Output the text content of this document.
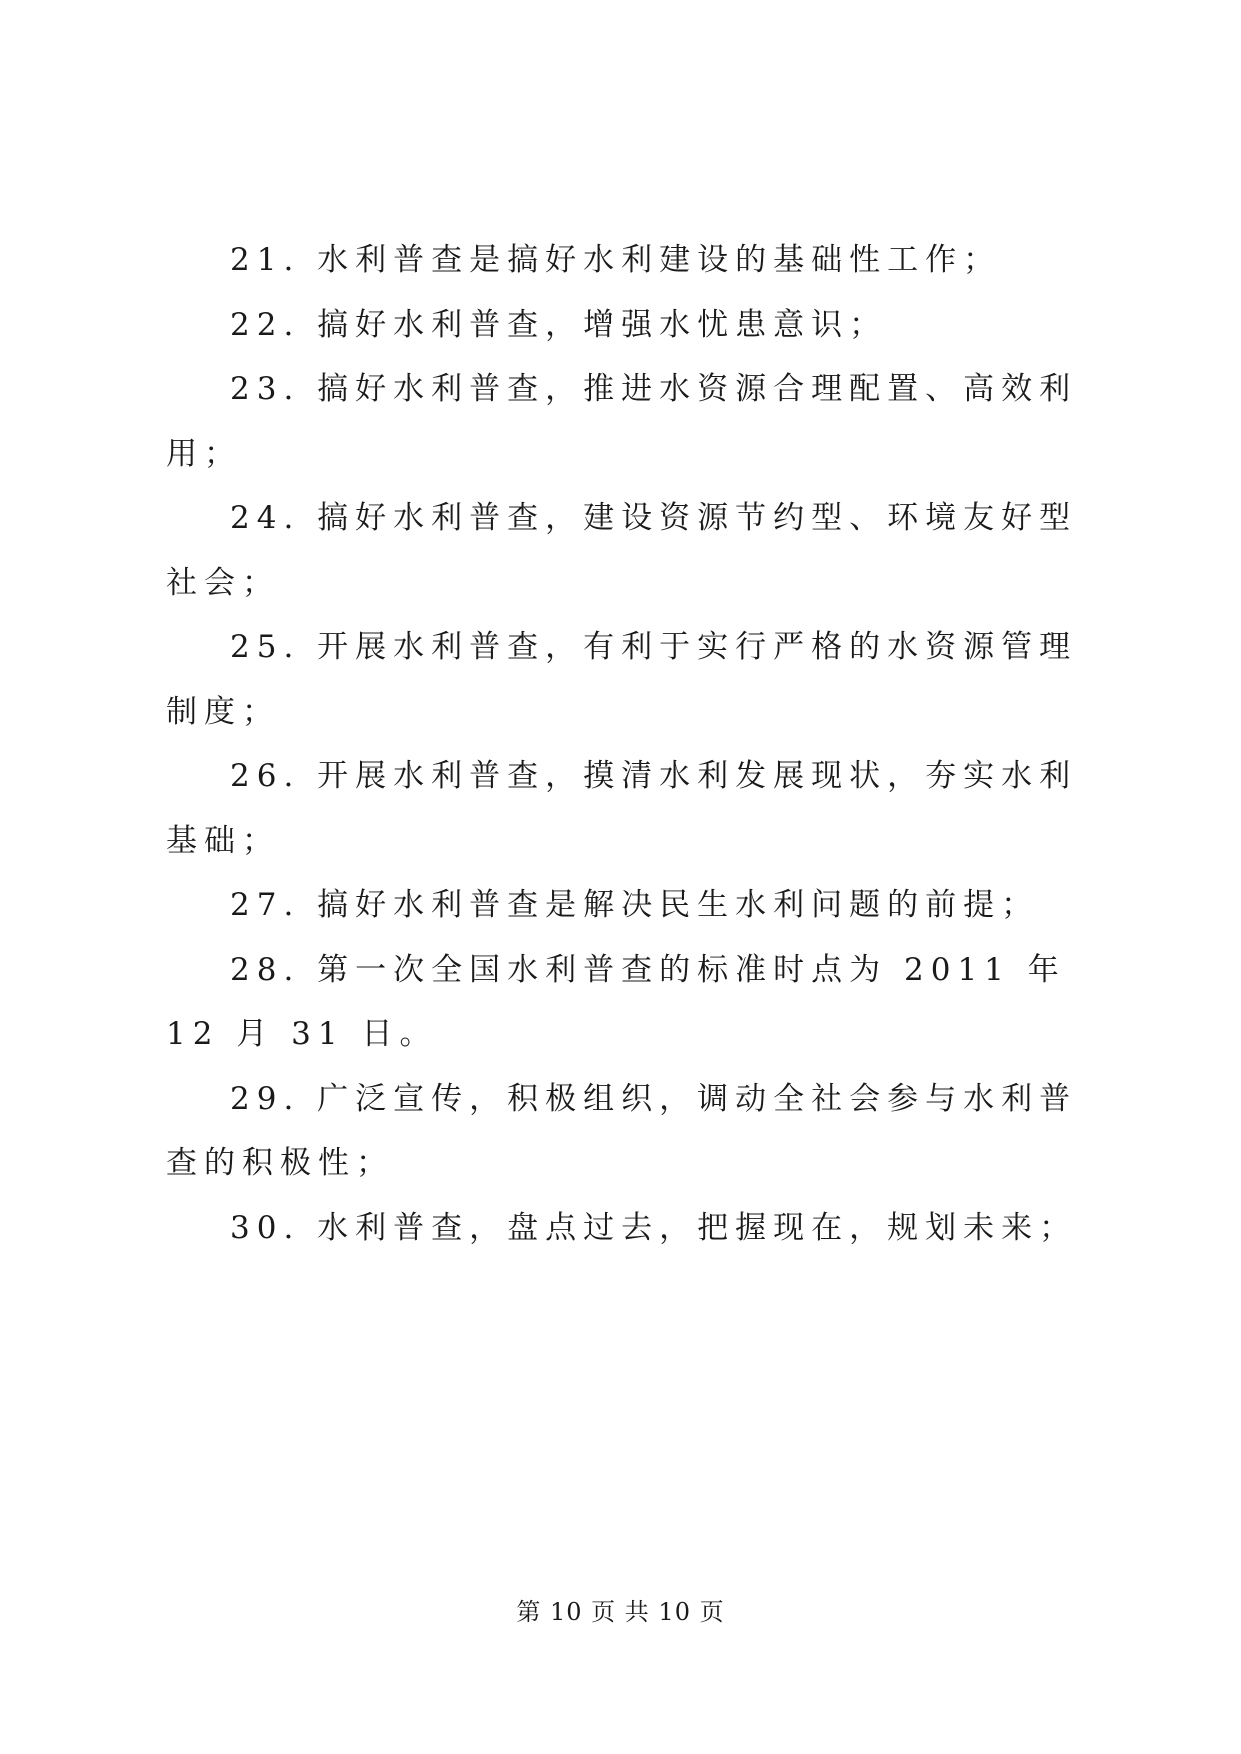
21. 水利普查是搞好水利建设的基础性工作；

22. 搞好水利普查，增强水忧患意识；

23. 搞好水利普查，推进水资源合理配置、高效利用；

24. 搞好水利普查，建设资源节约型、环境友好型社会；

25. 开展水利普查，有利于实行严格的水资源管理制度；

26. 开展水利普查，摸清水利发展现状，夯实水利基础；

27. 搞好水利普查是解决民生水利问题的前提；

28. 第一次全国水利普查的标准时点为 2011 年 12 月 31 日。

29. 广泛宣传，积极组织，调动全社会参与水利普查的积极性；

30. 水利普查，盘点过去，把握现在，规划未来；

第 10 页 共 10 页
